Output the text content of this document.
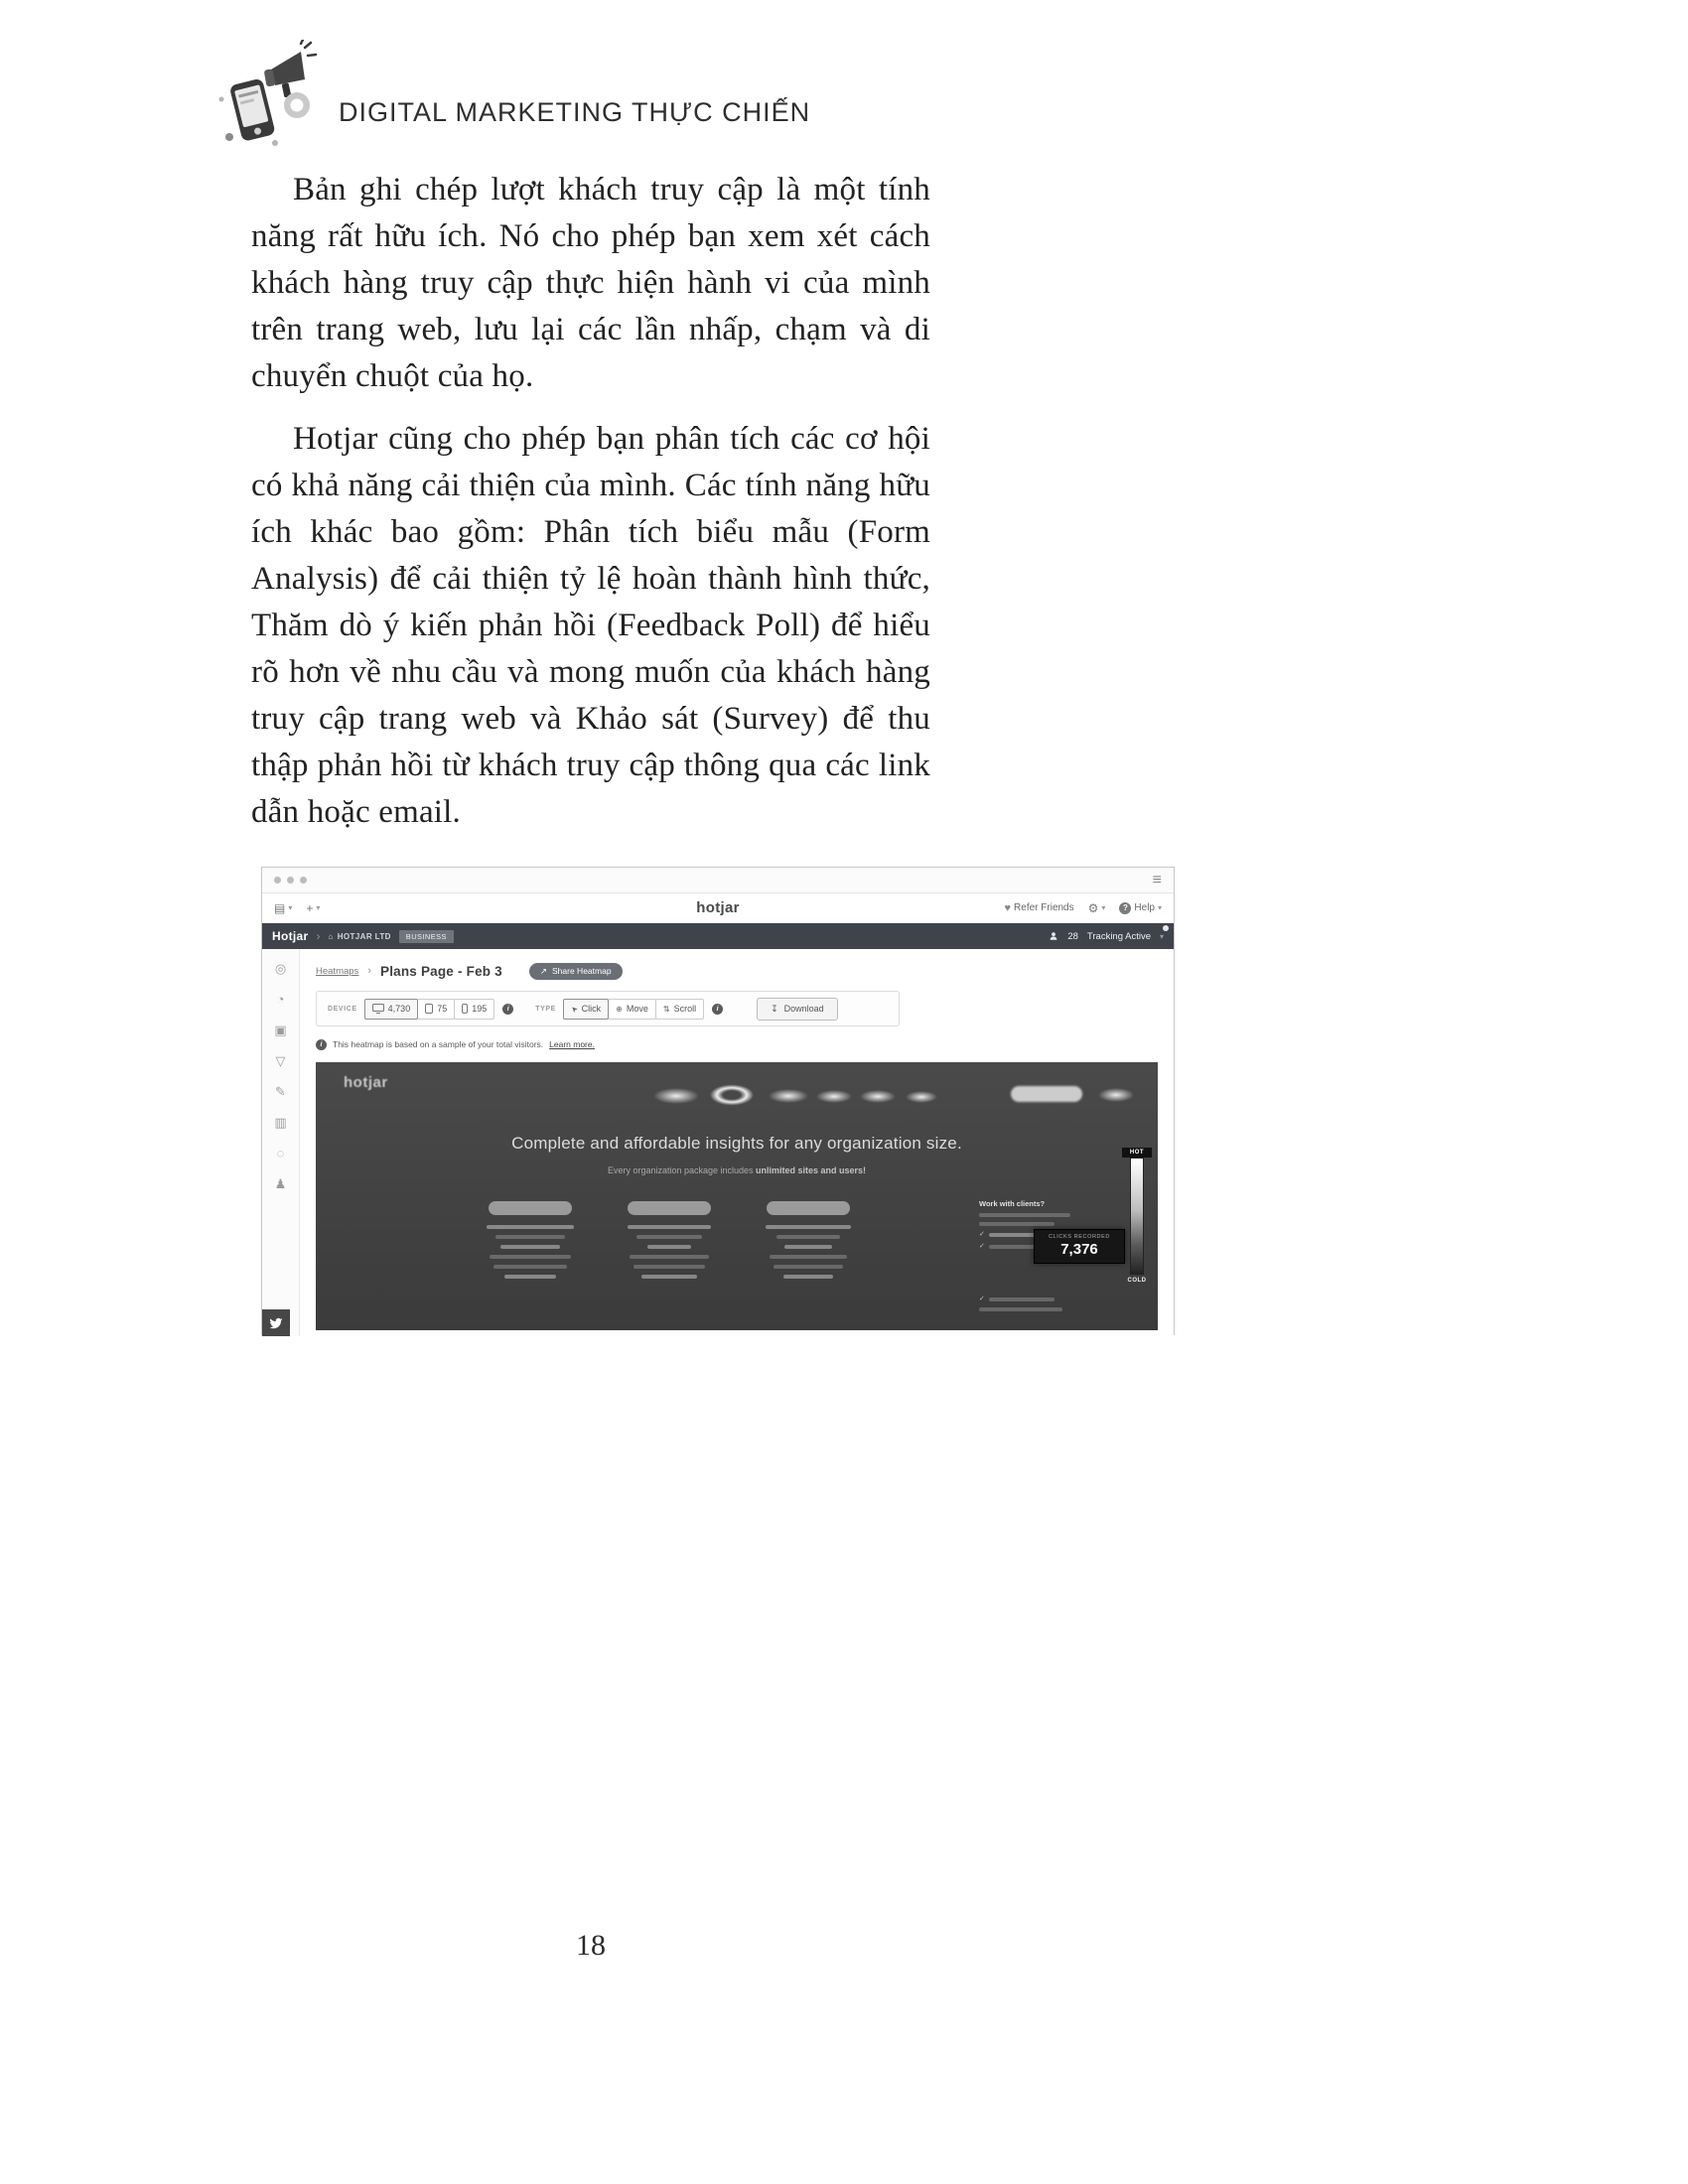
DIGITAL MARKETING THỰC CHIẾN

Bản ghi chép lượt khách truy cập là một tính năng rất hữu ích. Nó cho phép bạn xem xét cách khách hàng truy cập thực hiện hành vi của mình trên trang web, lưu lại các lần nhấp, chạm và di chuyển chuột của họ.

Hotjar cũng cho phép bạn phân tích các cơ hội có khả năng cải thiện của mình. Các tính năng hữu ích khác bao gồm: Phân tích biểu mẫu (Form Analysis) để cải thiện tỷ lệ hoàn thành hình thức, Thăm dò ý kiến phản hồi (Feedback Poll) để hiểu rõ hơn về nhu cầu và mong muốn của khách hàng truy cập trang web và Khảo sát (Survey) để thu thập phản hồi từ khách truy cập thông qua các link dẫn hoặc email.

≡
▤ ▾ + ▾	hotjar	♥ Refer Friends ⚙ ▾	? Help ▾
Hotjar › ⌂ HOTJAR LTD	BUSINESS	28 Tracking Active ▾
◎
◔
▣
▽
✎
▥
◌
♟
Heatmaps › Plans Page - Feb 3	↗ Share Heatmap
DEVICE	4,730	75	195	i	TYPE ➤ Click ⊕ Move ⇅ Scroll	i	↧ Download
i	This heatmap is based on a sample of your total visitors. Learn more.
hotjar
Complete and affordable insights for any organization size.
Every organization package includes unlimited sites and users!
Work with clients?
✓
✓
✓
CLICKS RECORDED
7,376
HOT
COLD
18
